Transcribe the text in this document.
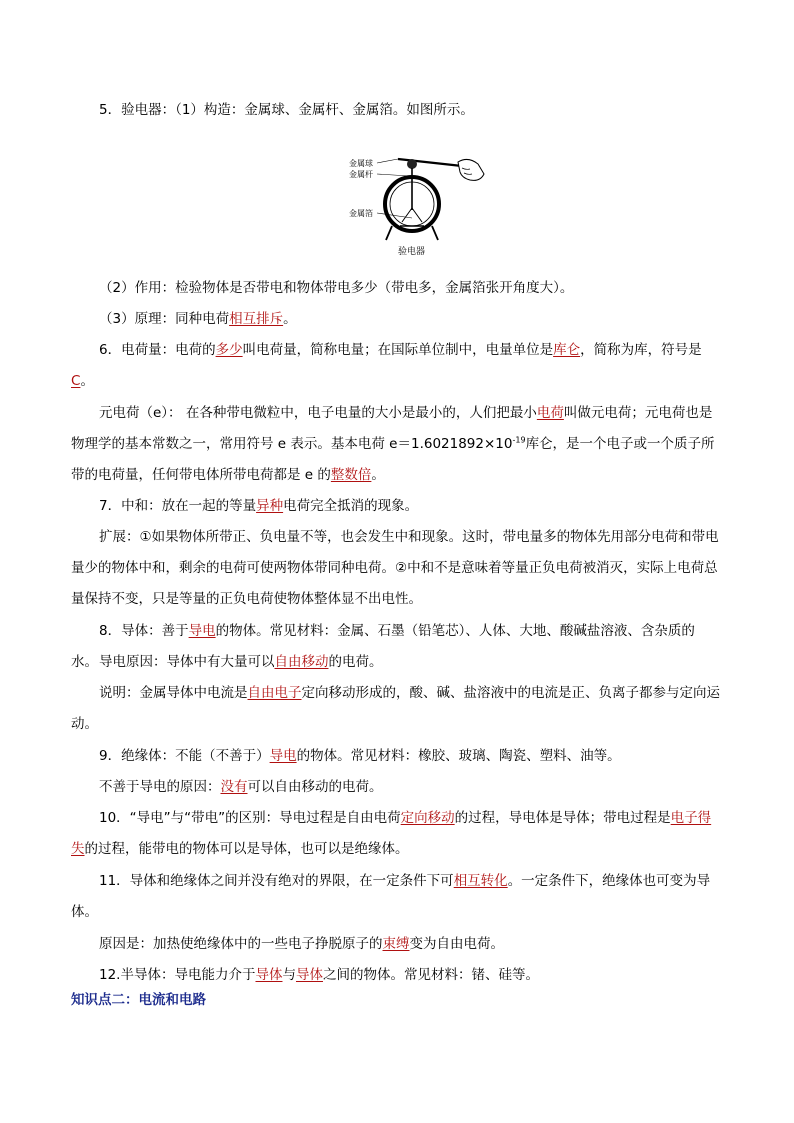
5．验电器：（1）构造：金属球、金属杆、金属箔。如图所示。

金属球
金属杆
金属箔
验电器

（2）作用：检验物体是否带电和物体带电多少（带电多，金属箔张开角度大）。

（3）原理：同种电荷相互排斥。

6．电荷量：电荷的多少叫电荷量，简称电量；在国际单位制中，电量单位是库仑，简称为库，符号是C。

元电荷（e）： 在各种带电微粒中，电子电量的大小是最小的，人们把最小电荷叫做元电荷；元电荷也是物理学的基本常数之一，常用符号 e 表示。基本电荷 $e=1.6021892\times 10^{-19}$库仑，是一个电子或一个质子所带的电荷量，任何带电体所带电荷都是 e 的整数倍。

7．中和：放在一起的等量异种电荷完全抵消的现象。

扩展：①如果物体所带正、负电量不等，也会发生中和现象。这时，带电量多的物体先用部分电荷和带电量少的物体中和，剩余的电荷可使两物体带同种电荷。②中和不是意味着等量正负电荷被消灭，实际上电荷总量保持不变，只是等量的正负电荷使物体整体显不出电性。

8．导体：善于导电的物体。常见材料：金属、石墨（铅笔芯）、人体、大地、酸碱盐溶液、含杂质的水。 导电原因：导体中有大量可以自由移动的电荷。

说明：金属导体中电流是自由电子定向移动形成的，酸、碱、盐溶液中的电流是正、负离子都参与定向运动。

9．绝缘体：不能（不善于）导电的物体。常见材料：橡胶、玻璃、陶瓷、塑料、油等。

不善于导电的原因：没有可以自由移动的电荷。

10．“导电”与“带电”的区别：导电过程是自由电荷定向移动的过程，导电体是导体；带电过程是电子得失的过程，能带电的物体可以是导体，也可以是绝缘体。

11．导体和绝缘体之间并没有绝对的界限，在一定条件下可相互转化。一定条件下，绝缘体也可变为导体。

原因是：加热使绝缘体中的一些电子挣脱原子的束缚变为自由电荷。

12.半导体：导电能力介于导体与导体之间的物体。常见材料：锗、硅等。

知识点二：电流和电路
